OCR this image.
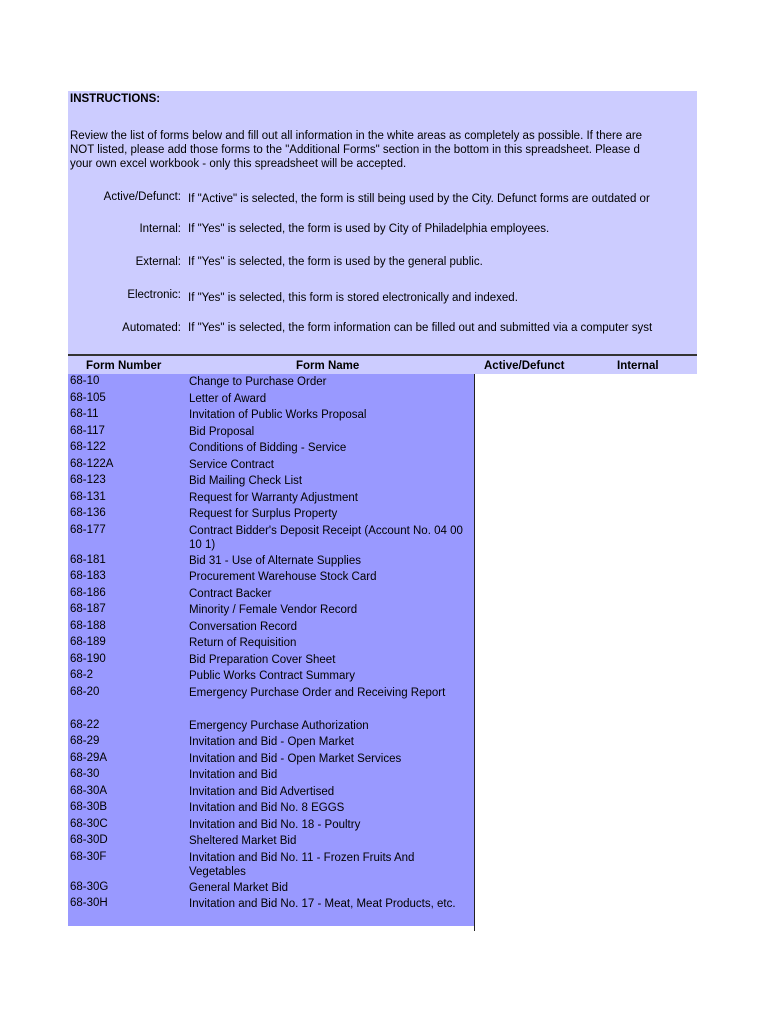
INSTRUCTIONS:
Review the list of forms below and fill out all information in the white areas as completely as possible. If there are
NOT listed, please add those forms to the "Additional Forms" section in the bottom in this spreadsheet. Please d
your own excel workbook - only this spreadsheet will be accepted.
Active/Defunct: If "Active" is selected, the form is still being used by the City. Defunct forms are outdated or
Internal: If "Yes" is selected, the form is used by City of Philadelphia employees.
External: If "Yes" is selected, the form is used by the general public.
Electronic: If "Yes" is selected, this form is stored electronically and indexed.
Automated: If "Yes" is selected, the form information can be filled out and submitted via a computer syst
Form Number	Form Name	Active/Defunct	Internal
68-10	Change to Purchase Order
68-105	Letter of Award
68-11	Invitation of Public Works Proposal
68-117	Bid Proposal
68-122	Conditions of Bidding - Service
68-122A	Service Contract
68-123	Bid Mailing Check List
68-131	Request for Warranty Adjustment
68-136	Request for Surplus Property
68-177	Contract Bidder's Deposit Receipt (Account No. 04 00 10 1)
68-181	Bid 31 - Use of Alternate Supplies
68-183	Procurement Warehouse Stock Card
68-186	Contract Backer
68-187	Minority / Female Vendor Record
68-188	Conversation Record
68-189	Return of Requisition
68-190	Bid Preparation Cover Sheet
68-2	Public Works Contract Summary
68-20	Emergency Purchase Order and Receiving Report
68-22	Emergency Purchase Authorization
68-29	Invitation and Bid - Open Market
68-29A	Invitation and Bid - Open Market Services
68-30	Invitation and Bid
68-30A	Invitation and Bid Advertised
68-30B	Invitation and Bid No. 8 EGGS
68-30C	Invitation and Bid No. 18 - Poultry
68-30D	Sheltered Market Bid
68-30F	Invitation and Bid No. 11 - Frozen Fruits And Vegetables
68-30G	General Market Bid
68-30H	Invitation and Bid No. 17 - Meat, Meat Products, etc.
